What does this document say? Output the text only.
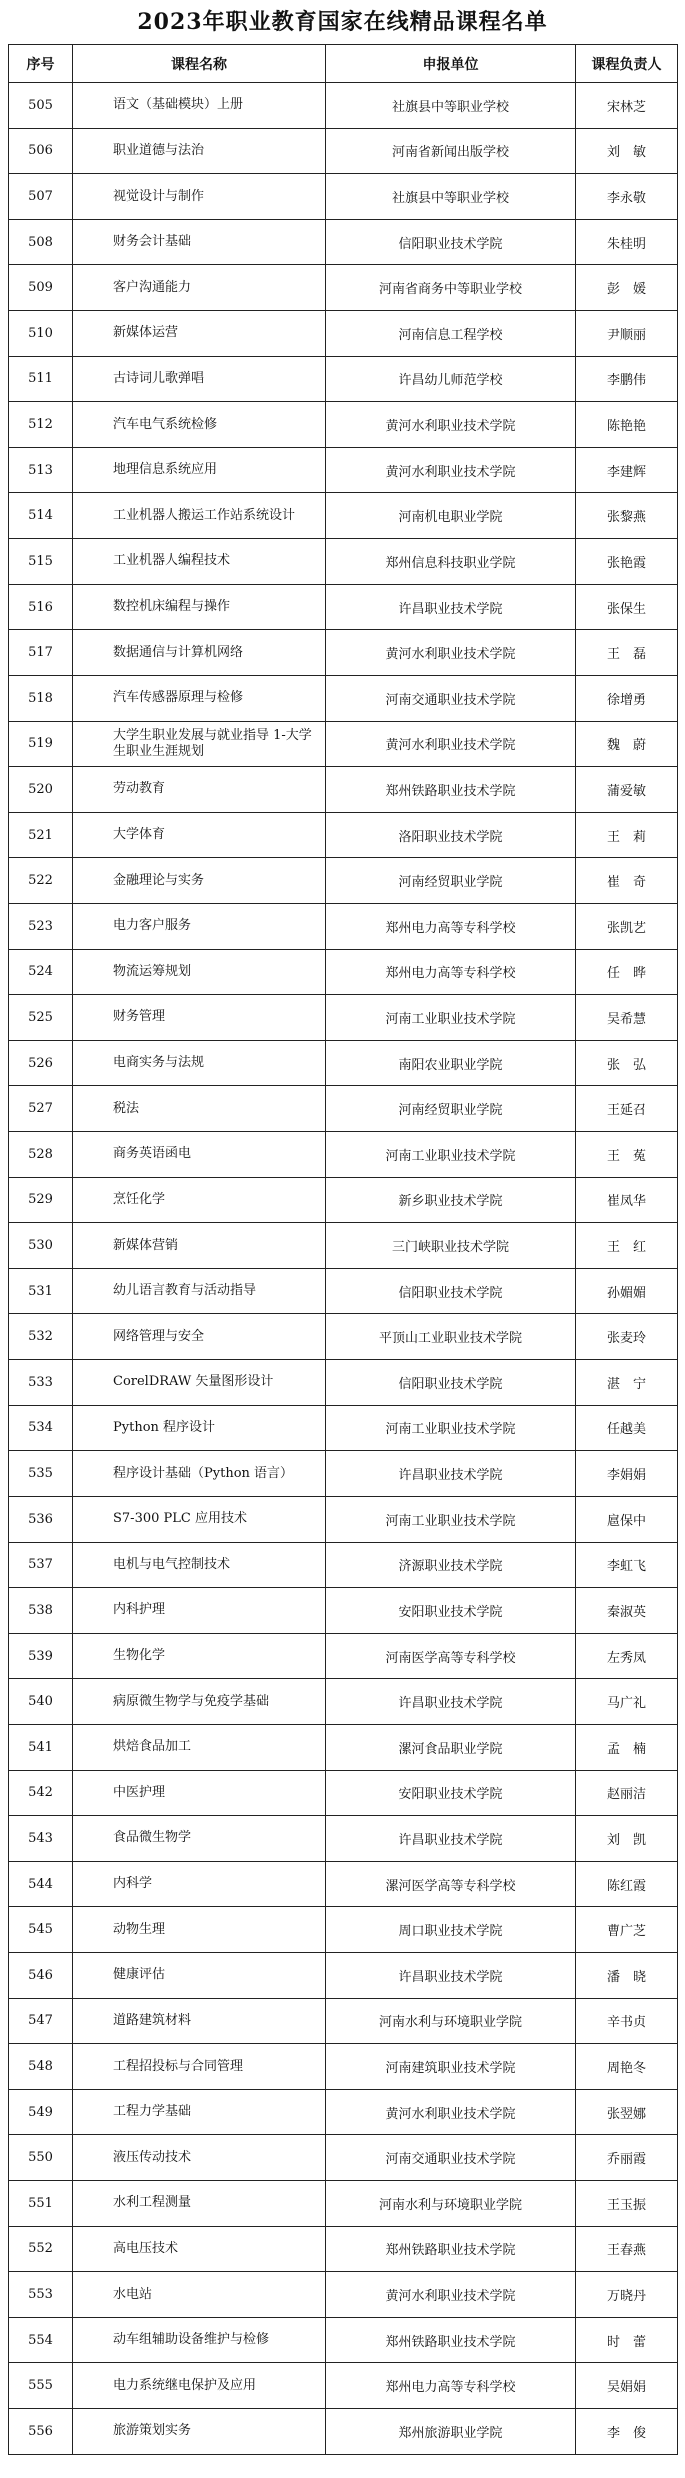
2023年职业教育国家在线精品课程名单
序号	课程名称	申报单位	课程负责人
505	语文（基础模块）上册	社旗县中等职业学校	宋林芝
506	职业道德与法治	河南省新闻出版学校	刘　敏
507	视觉设计与制作	社旗县中等职业学校	李永敬
508	财务会计基础	信阳职业技术学院	朱桂明
509	客户沟通能力	河南省商务中等职业学校	彭　媛
510	新媒体运营	河南信息工程学校	尹顺丽
511	古诗词儿歌弹唱	许昌幼儿师范学校	李鹏伟
512	汽车电气系统检修	黄河水利职业技术学院	陈艳艳
513	地理信息系统应用	黄河水利职业技术学院	李建辉
514	工业机器人搬运工作站系统设计	河南机电职业学院	张黎燕
515	工业机器人编程技术	郑州信息科技职业学院	张艳霞
516	数控机床编程与操作	许昌职业技术学院	张保生
517	数据通信与计算机网络	黄河水利职业技术学院	王　磊
518	汽车传感器原理与检修	河南交通职业技术学院	徐增勇
519	大学生职业发展与就业指导 1-大学生职业生涯规划	黄河水利职业技术学院	魏　蔚
520	劳动教育	郑州铁路职业技术学院	蒲爱敏
521	大学体育	洛阳职业技术学院	王　莉
522	金融理论与实务	河南经贸职业学院	崔　奇
523	电力客户服务	郑州电力高等专科学校	张凯艺
524	物流运筹规划	郑州电力高等专科学校	任　晔
525	财务管理	河南工业职业技术学院	吴希慧
526	电商实务与法规	南阳农业职业学院	张　弘
527	税法	河南经贸职业学院	王延召
528	商务英语函电	河南工业职业技术学院	王　菟
529	烹饪化学	新乡职业技术学院	崔凤华
530	新媒体营销	三门峡职业技术学院	王　红
531	幼儿语言教育与活动指导	信阳职业技术学院	孙媚媚
532	网络管理与安全	平顶山工业职业技术学院	张麦玲
533	CorelDRAW 矢量图形设计	信阳职业技术学院	湛　宁
534	Python 程序设计	河南工业职业技术学院	任越美
535	程序设计基础（Python 语言）	许昌职业技术学院	李娟娟
536	S7-300 PLC 应用技术	河南工业职业技术学院	扈保中
537	电机与电气控制技术	济源职业技术学院	李虹飞
538	内科护理	安阳职业技术学院	秦淑英
539	生物化学	河南医学高等专科学校	左秀凤
540	病原微生物学与免疫学基础	许昌职业技术学院	马广礼
541	烘焙食品加工	漯河食品职业学院	孟　楠
542	中医护理	安阳职业技术学院	赵丽洁
543	食品微生物学	许昌职业技术学院	刘　凯
544	内科学	漯河医学高等专科学校	陈红霞
545	动物生理	周口职业技术学院	曹广芝
546	健康评估	许昌职业技术学院	潘　晓
547	道路建筑材料	河南水利与环境职业学院	辛书贞
548	工程招投标与合同管理	河南建筑职业技术学院	周艳冬
549	工程力学基础	黄河水利职业技术学院	张翌娜
550	液压传动技术	河南交通职业技术学院	乔丽霞
551	水利工程测量	河南水利与环境职业学院	王玉振
552	高电压技术	郑州铁路职业技术学院	王春燕
553	水电站	黄河水利职业技术学院	万晓丹
554	动车组辅助设备维护与检修	郑州铁路职业技术学院	时　蕾
555	电力系统继电保护及应用	郑州电力高等专科学校	吴娟娟
556	旅游策划实务	郑州旅游职业学院	李　俊
